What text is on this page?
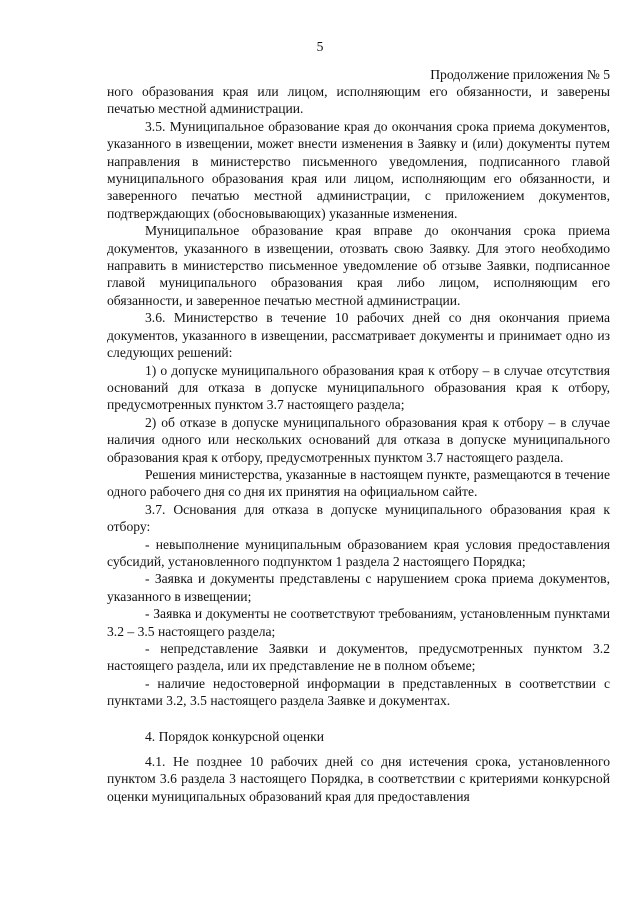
5
Продолжение приложения № 5

ного образования края или лицом, исполняющим его обязанности, и заверены печатью местной администрации.

3.5. Муниципальное образование края до окончания срока приема документов, указанного в извещении, может внести изменения в Заявку и (или) документы путем направления в министерство письменного уведомления, подписанного главой муниципального образования края или лицом, исполняющим его обязанности, и заверенного печатью местной администрации, с приложением документов, подтверждающих (обосновывающих) указанные изменения.

Муниципальное образование края вправе до окончания срока приема документов, указанного в извещении, отозвать свою Заявку. Для этого необходимо направить в министерство письменное уведомление об отзыве Заявки, подписанное главой муниципального образования края либо лицом, исполняющим его обязанности, и заверенное печатью местной администрации.

3.6. Министерство в течение 10 рабочих дней со дня окончания приема документов, указанного в извещении, рассматривает документы и принимает одно из следующих решений:

1) о допуске муниципального образования края к отбору – в случае отсутствия оснований для отказа в допуске муниципального образования края к отбору, предусмотренных пунктом 3.7 настоящего раздела;

2) об отказе в допуске муниципального образования края к отбору – в случае наличия одного или нескольких оснований для отказа в допуске муниципального образования края к отбору, предусмотренных пунктом 3.7 настоящего раздела.

Решения министерства, указанные в настоящем пункте, размещаются в течение одного рабочего дня со дня их принятия на официальном сайте.

3.7. Основания для отказа в допуске муниципального образования края к отбору:

- невыполнение муниципальным образованием края условия предоставления субсидий, установленного подпунктом 1 раздела 2 настоящего Порядка;

- Заявка и документы представлены с нарушением срока приема документов, указанного в извещении;

- Заявка и документы не соответствуют требованиям, установленным пунктами 3.2 – 3.5 настоящего раздела;

- непредставление Заявки и документов, предусмотренных пунктом 3.2 настоящего раздела, или их представление не в полном объеме;

- наличие недостоверной информации в представленных в соответствии с пунктами 3.2, 3.5 настоящего раздела Заявке и документах.

4. Порядок конкурсной оценки

4.1. Не позднее 10 рабочих дней со дня истечения срока, установленного пунктом 3.6 раздела 3 настоящего Порядка, в соответствии с критериями конкурсной оценки муниципальных образований края для предоставления
